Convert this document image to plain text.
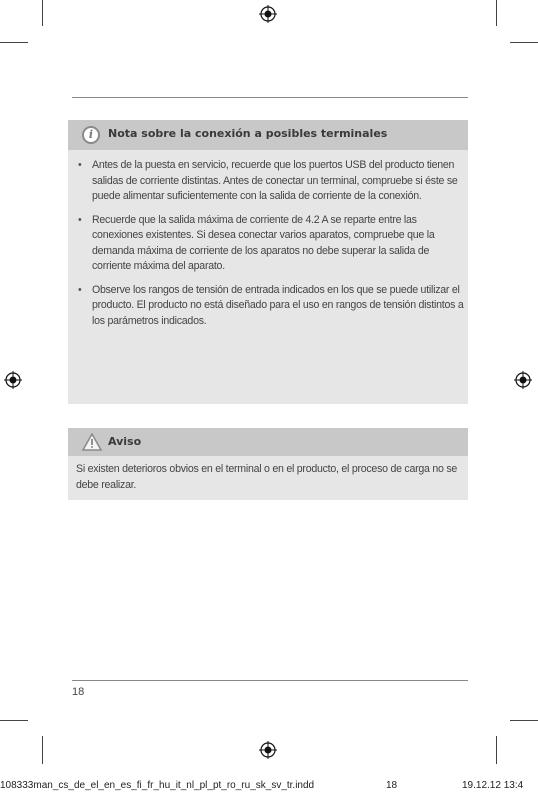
i	Nota sobre la conexión a posibles terminales
• Antes de la puesta en servicio, recuerde que los puertos USB del producto tienen salidas de corriente distintas. Antes de conectar un terminal, compruebe si éste se puede alimentar suficientemente con la salida de corriente de la conexión.
• Recuerde que la salida máxima de corriente de 4.2 A se reparte entre las conexiones existentes. Si desea conectar varios aparatos, compruebe que la demanda máxima de corriente de los aparatos no debe superar la salida de corriente máxima del aparato.
• Observe los rangos de tensión de entrada indicados en los que se puede utilizar el producto. El producto no está diseñado para el uso en rangos de tensión distintos a los parámetros indicados.
Aviso

Si existen deterioros obvios en el terminal o en el producto, el proceso de carga no se debe realizar.

18
108333man_cs_de_el_en_es_fi_fr_hu_it_nl_pl_pt_ro_ru_sk_sv_tr.indd	18	19.12.12 13:4
